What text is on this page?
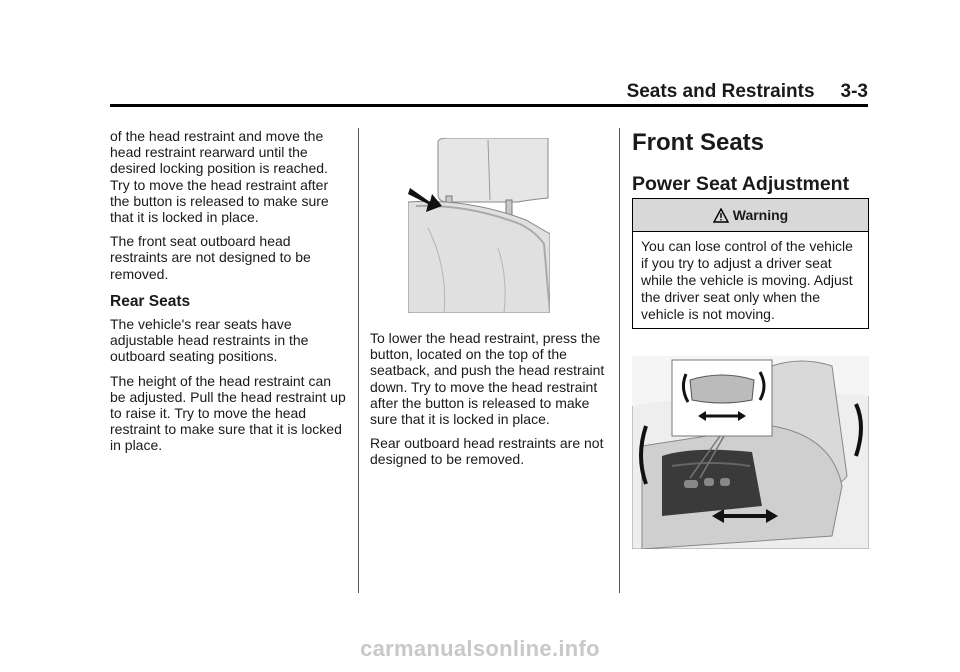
Seats and Restraints 3-3

of the head restraint and move the head restraint rearward until the desired locking position is reached. Try to move the head restraint after the button is released to make sure that it is locked in place.

The front seat outboard head restraints are not designed to be removed.

Rear Seats

The vehicle's rear seats have adjustable head restraints in the outboard seating positions.

The height of the head restraint can be adjusted. Pull the head restraint up to raise it. Try to move the head restraint to make sure that it is locked in place.

To lower the head restraint, press the button, located on the top of the seatback, and push the head restraint down. Try to move the head restraint after the button is released to make sure that it is locked in place.

Rear outboard head restraints are not designed to be removed.

Front Seats
Power Seat Adjustment
Warning
You can lose control of the vehicle if you try to adjust a driver seat while the vehicle is moving. Adjust the driver seat only when the vehicle is not moving.
carmanualsonline.info
